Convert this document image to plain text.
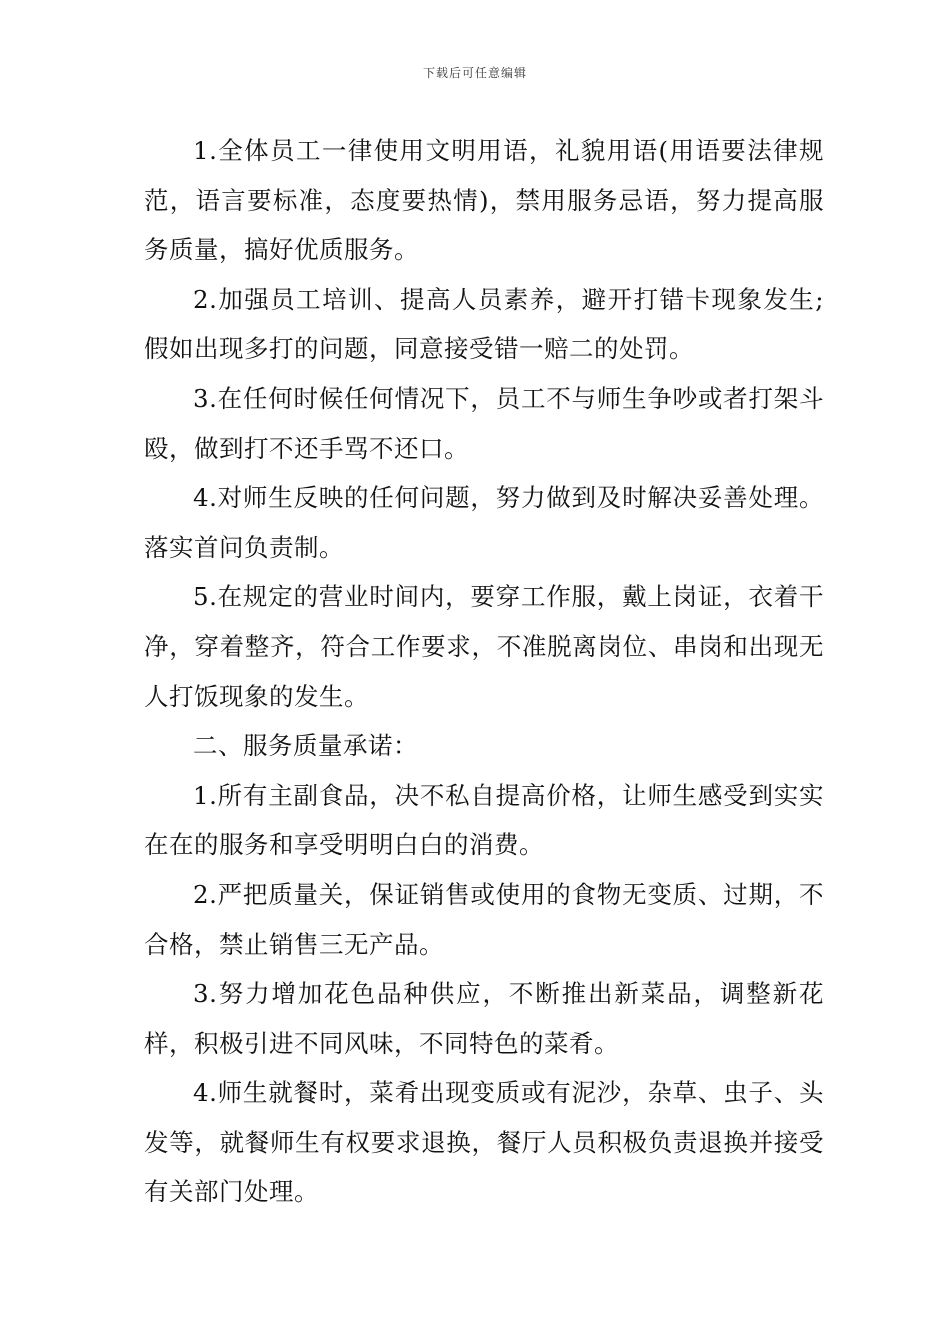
下载后可任意编辑

1.全体员工一律使用文明用语，礼貌用语(用语要法律规范，语言要标准，态度要热情)，禁用服务忌语，努力提高服务质量，搞好优质服务。

2.加强员工培训、提高人员素养，避开打错卡现象发生;假如出现多打的问题，同意接受错一赔二的处罚。

3.在任何时候任何情况下，员工不与师生争吵或者打架斗殴，做到打不还手骂不还口。

4.对师生反映的任何问题，努力做到及时解决妥善处理。落实首问负责制。

5.在规定的营业时间内，要穿工作服，戴上岗证，衣着干净，穿着整齐，符合工作要求，不准脱离岗位、串岗和出现无人打饭现象的发生。

二、服务质量承诺：

1.所有主副食品，决不私自提高价格，让师生感受到实实在在的服务和享受明明白白的消费。

2.严把质量关，保证销售或使用的食物无变质、过期，不合格，禁止销售三无产品。

3.努力增加花色品种供应，不断推出新菜品，调整新花样，积极引进不同风味，不同特色的菜肴。

4.师生就餐时，菜肴出现变质或有泥沙，杂草、虫子、头发等，就餐师生有权要求退换，餐厅人员积极负责退换并接受有关部门处理。
